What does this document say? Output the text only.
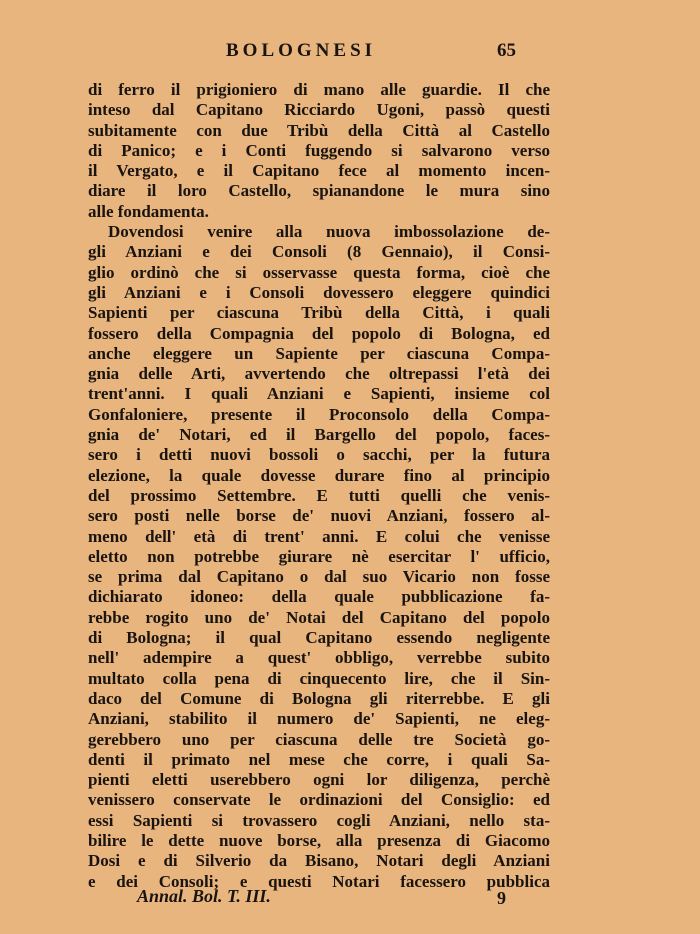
BOLOGNESI	65
di ferro il prigioniero di mano alle guardie. Il che
inteso dal Capitano Ricciardo Ugoni, passò questi
subitamente con due Tribù della Città al Castello
di Panico; e i Conti fuggendo si salvarono verso
il Vergato, e il Capitano fece al momento incen-
diare il loro Castello, spianandone le mura sino
alle fondamenta.
Dovendosi venire alla nuova imbossolazione de-
gli Anziani e dei Consoli (8 Gennaio), il Consi-
glio ordinò che si osservasse questa forma, cioè che
gli Anziani e i Consoli dovessero eleggere quindici
Sapienti per ciascuna Tribù della Città, i quali
fossero della Compagnia del popolo di Bologna, ed
anche eleggere un Sapiente per ciascuna Compa-
gnia delle Arti, avvertendo che oltrepassi l'età dei
trent'anni. I quali Anziani e Sapienti, insieme col
Gonfaloniere, presente il Proconsolo della Compa-
gnia de' Notari, ed il Bargello del popolo, faces-
sero i detti nuovi bossoli o sacchi, per la futura
elezione, la quale dovesse durare fino al principio
del prossimo Settembre. E tutti quelli che venis-
sero posti nelle borse de' nuovi Anziani, fossero al-
meno dell' età di trent' anni. E colui che venisse
eletto non potrebbe giurare nè esercitar l' ufficio,
se prima dal Capitano o dal suo Vicario non fosse
dichiarato idoneo: della quale pubblicazione fa-
rebbe rogito uno de' Notai del Capitano del popolo
di Bologna; il qual Capitano essendo negligente
nell' adempire a quest' obbligo, verrebbe subito
multato colla pena di cinquecento lire, che il Sin-
daco del Comune di Bologna gli riterrebbe. E gli
Anziani, stabilito il numero de' Sapienti, ne eleg-
gerebbero uno per ciascuna delle tre Società go-
denti il primato nel mese che corre, i quali Sa-
pienti eletti userebbero ogni lor diligenza, perchè
venissero conservate le ordinazioni del Consiglio: ed
essi Sapienti si trovassero cogli Anziani, nello sta-
bilire le dette nuove borse, alla presenza di Giacomo
Dosi e di Silverio da Bisano, Notari degli Anziani
e dei Consoli; e questi Notari facessero pubblica
Annal. Bol. T. III.	9
